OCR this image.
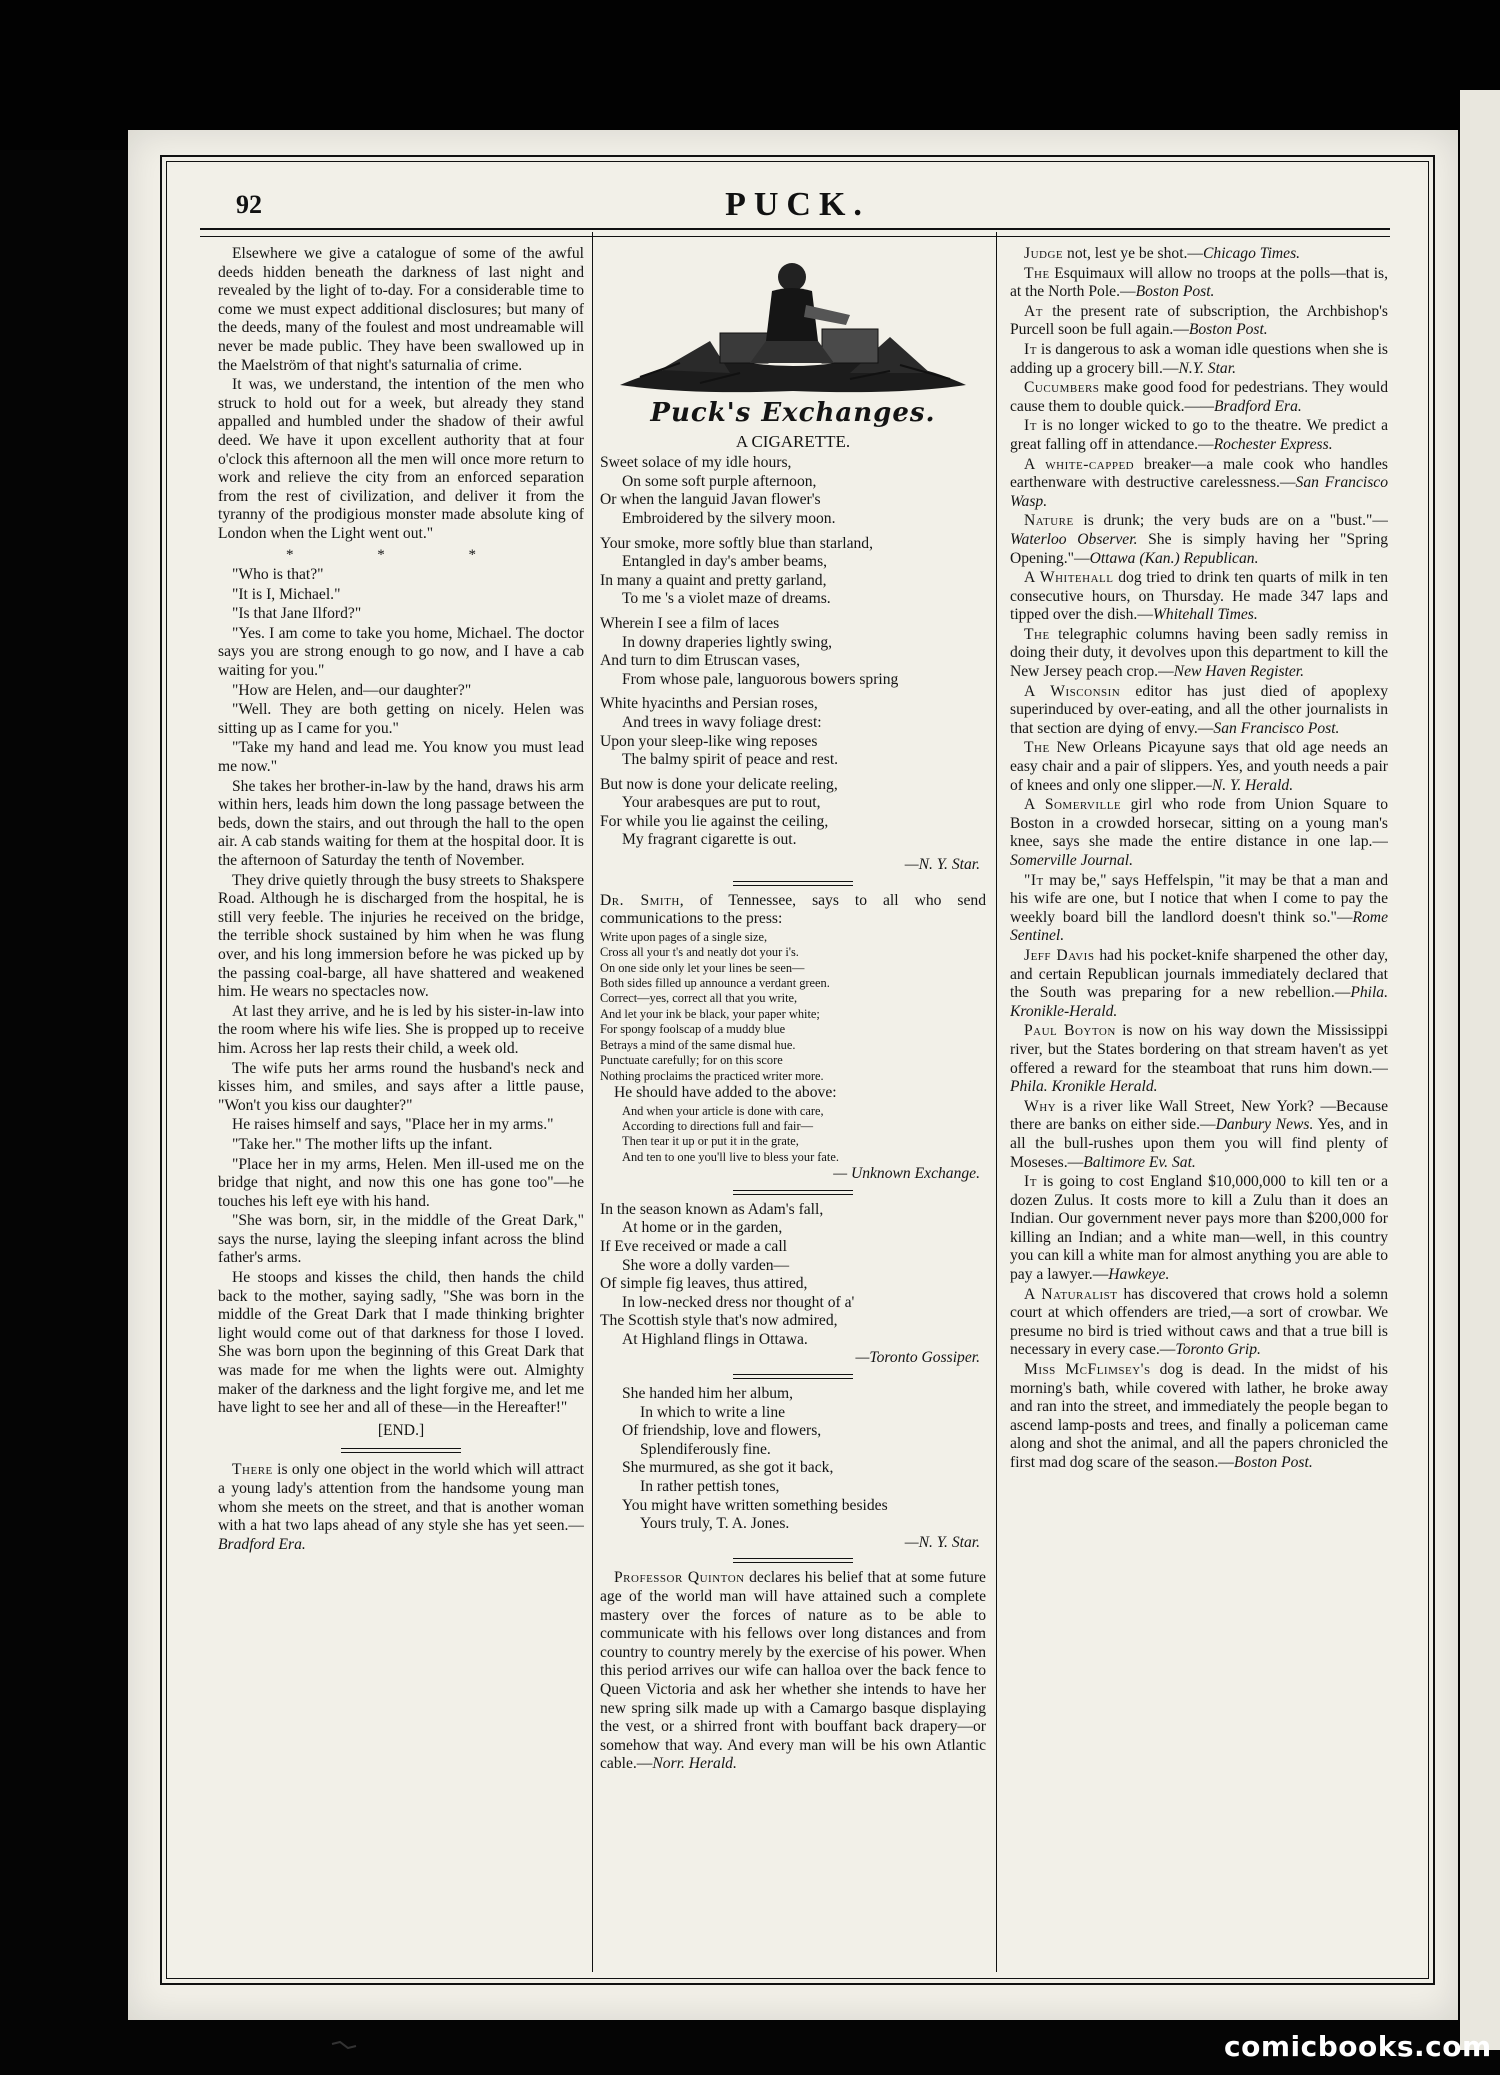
92	PUCK.

Elsewhere we give a catalogue of some of the awful deeds hidden beneath the darkness of last night and revealed by the light of to-day. For a considerable time to come we must expect additional disclosures; but many of the deeds, many of the foulest and most undreamable will never be made public. They have been swallowed up in the Maelström of that night's saturnalia of crime.

It was, we understand, the intention of the men who struck to hold out for a week, but already they stand appalled and humbled under the shadow of their awful deed. We have it upon excellent authority that at four o'clock this afternoon all the men will once more return to work and relieve the city from an enforced separation from the rest of civilization, and deliver it from the tyranny of the prodigious monster made absolute king of London when the Light went out."

* * *

"Who is that?"

"It is I, Michael."

"Is that Jane Ilford?"

"Yes. I am come to take you home, Michael. The doctor says you are strong enough to go now, and I have a cab waiting for you."

"How are Helen, and—our daughter?"

"Well. They are both getting on nicely. Helen was sitting up as I came for you."

"Take my hand and lead me. You know you must lead me now."

She takes her brother-in-law by the hand, draws his arm within hers, leads him down the long passage between the beds, down the stairs, and out through the hall to the open air. A cab stands waiting for them at the hospital door. It is the afternoon of Saturday the tenth of November.

They drive quietly through the busy streets to Shakspere Road. Although he is discharged from the hospital, he is still very feeble. The injuries he received on the bridge, the terrible shock sustained by him when he was flung over, and his long immersion before he was picked up by the passing coal-barge, all have shattered and weakened him. He wears no spectacles now.

At last they arrive, and he is led by his sister-in-law into the room where his wife lies. She is propped up to receive him. Across her lap rests their child, a week old.

The wife puts her arms round the husband's neck and kisses him, and smiles, and says after a little pause, "Won't you kiss our daughter?"

He raises himself and says, "Place her in my arms."

"Take her." The mother lifts up the infant.

"Place her in my arms, Helen. Men ill-used me on the bridge that night, and now this one has gone too"—he touches his left eye with his hand.

"She was born, sir, in the middle of the Great Dark," says the nurse, laying the sleeping infant across the blind father's arms.

He stoops and kisses the child, then hands the child back to the mother, saying sadly, "She was born in the middle of the Great Dark that I made thinking brighter light would come out of that darkness for those I loved. She was born upon the beginning of this Great Dark that was made for me when the lights were out. Almighty maker of the darkness and the light forgive me, and let me have light to see her and all of these—in the Hereafter!"

[END.]

There is only one object in the world which will attract a young lady's attention from the handsome young man whom she meets on the street, and that is another woman with a hat two laps ahead of any style she has yet seen.—Bradford Era.

Puck's Exchanges.
A CIGARETTE.
Sweet solace of my idle hours,
On some soft purple afternoon,
Or when the languid Javan flower's
Embroidered by the silvery moon.
Your smoke, more softly blue than starland,
Entangled in day's amber beams,
In many a quaint and pretty garland,
To me 's a violet maze of dreams.
Wherein I see a film of laces
In downy draperies lightly swing,
And turn to dim Etruscan vases,
From whose pale, languorous bowers spring
White hyacinths and Persian roses,
And trees in wavy foliage drest:
Upon your sleep-like wing reposes
The balmy spirit of peace and rest.
But now is done your delicate reeling,
Your arabesques are put to rout,
For while you lie against the ceiling,
My fragrant cigarette is out.
—N. Y. Star.

Dr. Smith, of Tennessee, says to all who send communications to the press:

Write upon pages of a single size,
Cross all your t's and neatly dot your i's.
On one side only let your lines be seen—
Both sides filled up announce a verdant green.
Correct—yes, correct all that you write,
And let your ink be black, your paper white;
For spongy foolscap of a muddy blue
Betrays a mind of the same dismal hue.
Punctuate carefully; for on this score
Nothing proclaims the practiced writer more.

He should have added to the above:

And when your article is done with care,
According to directions full and fair—
Then tear it up or put it in the grate,
And ten to one you'll live to bless your fate.
— Unknown Exchange.
In the season known as Adam's fall,
At home or in the garden,
If Eve received or made a call
She wore a dolly varden—
Of simple fig leaves, thus attired,
In low-necked dress nor thought of a'
The Scottish style that's now admired,
At Highland flings in Ottawa.
—Toronto Gossiper.
She handed him her album,
In which to write a line
Of friendship, love and flowers,
Splendiferously fine.
She murmured, as she got it back,
In rather pettish tones,
You might have written something besides
Yours truly, T. A. Jones.
—N. Y. Star.

Professor Quinton declares his belief that at some future age of the world man will have attained such a complete mastery over the forces of nature as to be able to communicate with his fellows over long distances and from country to country merely by the exercise of his power. When this period arrives our wife can halloa over the back fence to Queen Victoria and ask her whether she intends to have her new spring silk made up with a Camargo basque displaying the vest, or a shirred front with bouffant back drapery—or somehow that way. And every man will be his own Atlantic cable.—Norr. Herald.

Judge not, lest ye be shot.—Chicago Times.

The Esquimaux will allow no troops at the polls—that is, at the North Pole.—Boston Post.

At the present rate of subscription, the Archbishop's Purcell soon be full again.—Boston Post.

It is dangerous to ask a woman idle questions when she is adding up a grocery bill.—N.Y. Star.

Cucumbers make good food for pedestrians. They would cause them to double quick.——Bradford Era.

It is no longer wicked to go to the theatre. We predict a great falling off in attendance.—Rochester Express.

A white-capped breaker—a male cook who handles earthenware with destructive carelessness.—San Francisco Wasp.

Nature is drunk; the very buds are on a "bust."—Waterloo Observer. She is simply having her "Spring Opening."—Ottawa (Kan.) Republican.

A Whitehall dog tried to drink ten quarts of milk in ten consecutive hours, on Thursday. He made 347 laps and tipped over the dish.—Whitehall Times.

The telegraphic columns having been sadly remiss in doing their duty, it devolves upon this department to kill the New Jersey peach crop.—New Haven Register.

A Wisconsin editor has just died of apoplexy superinduced by over-eating, and all the other journalists in that section are dying of envy.—San Francisco Post.

The New Orleans Picayune says that old age needs an easy chair and a pair of slippers. Yes, and youth needs a pair of knees and only one slipper.—N. Y. Herald.

A Somerville girl who rode from Union Square to Boston in a crowded horsecar, sitting on a young man's knee, says she made the entire distance in one lap.—Somerville Journal.

"It may be," says Heffelspin, "it may be that a man and his wife are one, but I notice that when I come to pay the weekly board bill the landlord doesn't think so."—Rome Sentinel.

Jeff Davis had his pocket-knife sharpened the other day, and certain Republican journals immediately declared that the South was preparing for a new rebellion.—Phila. Kronikle-Herald.

Paul Boyton is now on his way down the Mississippi river, but the States bordering on that stream haven't as yet offered a reward for the steamboat that runs him down.—Phila. Kronikle Herald.

Why is a river like Wall Street, New York? —Because there are banks on either side.—Danbury News. Yes, and in all the bull-rushes upon them you will find plenty of Moseses.—Baltimore Ev. Sat.

It is going to cost England $10,000,000 to kill ten or a dozen Zulus. It costs more to kill a Zulu than it does an Indian. Our government never pays more than $200,000 for killing an Indian; and a white man—well, in this country you can kill a white man for almost anything you are able to pay a lawyer.—Hawkeye.

A Naturalist has discovered that crows hold a solemn court at which offenders are tried,—a sort of crowbar. We presume no bird is tried without caws and that a true bill is necessary in every case.—Toronto Grip.

Miss McFlimsey's dog is dead. In the midst of his morning's bath, while covered with lather, he broke away and ran into the street, and immediately the people began to ascend lamp-posts and trees, and finally a policeman came along and shot the animal, and all the papers chronicled the first mad dog scare of the season.—Boston Post.

comicbooks.com
